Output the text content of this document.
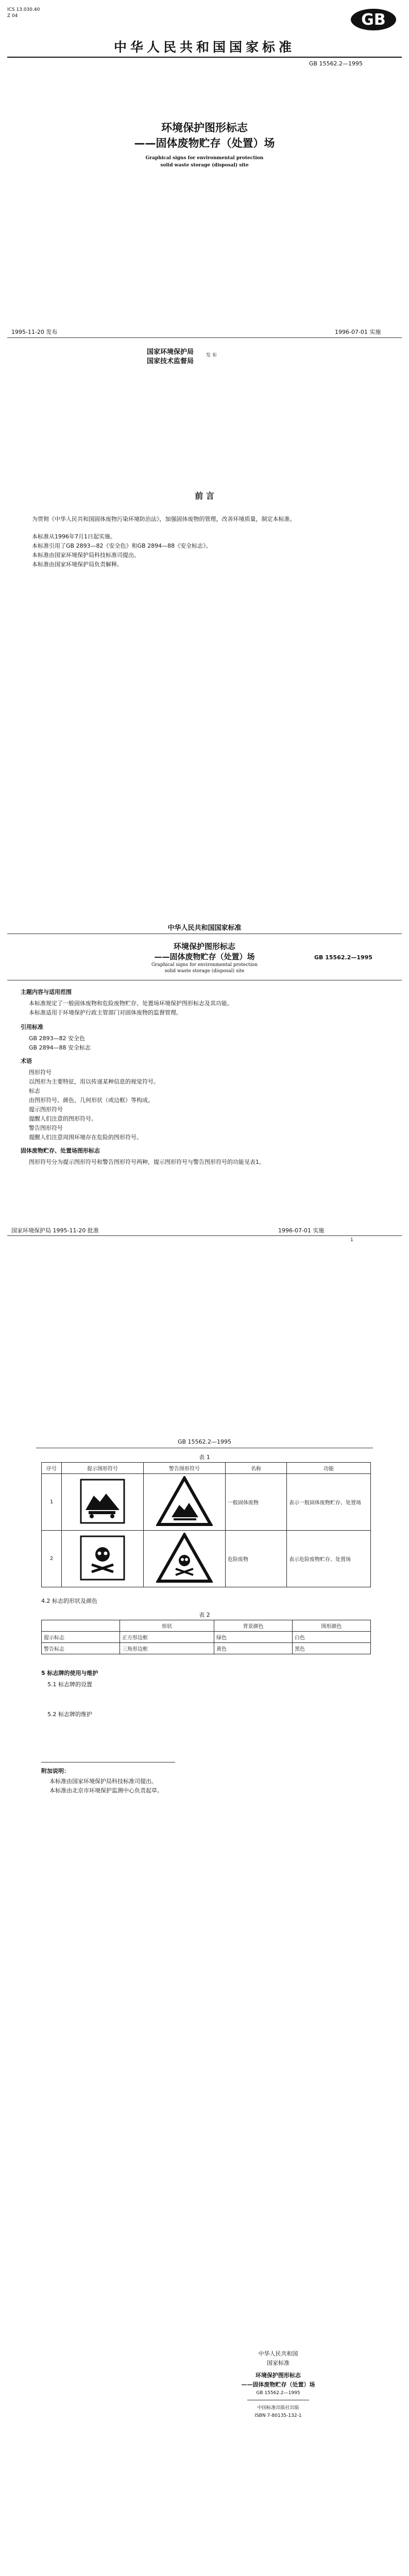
ICS 13.030.40
Z 04	GB
中华人民共和国国家标准
GB 15562.2—1995
环境保护图形标志
——固体废物贮存（处置）场
Graphical signs for environmental protection
solid waste storage (disposal) site
1995-11-20 发布	1996-07-01 实施
国家环境保护局
国家技术监督局
发 布
前 言
为贯彻《中华人民共和国固体废物污染环境防治法》，加强固体废物的管理，改善环境质量，制定本标准。
本标准从1996年7月1日起实施。
本标准引用了GB 2893—82《安全色》和GB 2894—88《安全标志》。
本标准由国家环境保护局科技标准司提出。
本标准由国家环境保护局负责解释。
中华人民共和国国家标准
环境保护图形标志
——固体废物贮存（处置）场
Graphical signs for environmental protection
solid waste storage (disposal) site
GB 15562.2—1995
主题内容与适用范围
本标准规定了一般固体废物和危险废物贮存、处置场环境保护图形标志及其功能。
本标准适用于环境保护行政主管部门对固体废物的监督管理。
引用标准
GB 2893—82 安全色
GB 2894—88 安全标志
术语
图形符号
以图形为主要特征，用以传递某种信息的视觉符号。
标志
由图形符号、颜色、几何形状（或边框）等构成。
提示图形符号
提醒人们注意的图形符号。
警告图形符号
提醒人们注意周围环境存在危险的图形符号。
固体废物贮存、处置场图形标志
图形符号分为提示图形符号和警告图形符号两种，提示图形符号与警告图形符号的功能见表1。
国家环境保护局 1995-11-20 批准	1996-07-01 实施
1
GB 15562.2—1995
表 1
序号	提示图形符号	警告图形符号	名称	功能
1			一般固体废物	表示一般固体废物贮存、处置场
2			危险废物	表示危险废物贮存、处置场
4.2 标志的形状及颜色
表 2
	形状	背景颜色	图形颜色
提示标志	正方形边框	绿色	白色
警告标志	三角形边框	黄色	黑色
5 标志牌的使用与维护
5.1 标志牌的设置
5.2 标志牌的维护
附加说明：
本标准由国家环境保护局科技标准司提出。
本标准由北京市环境保护监测中心负责起草。
中华人民共和国
国家标准
环境保护图形标志
——固体废物贮存（处置）场
GB 15562.2—1995
中国标准出版社出版
ISBN 7-80135-132-1
